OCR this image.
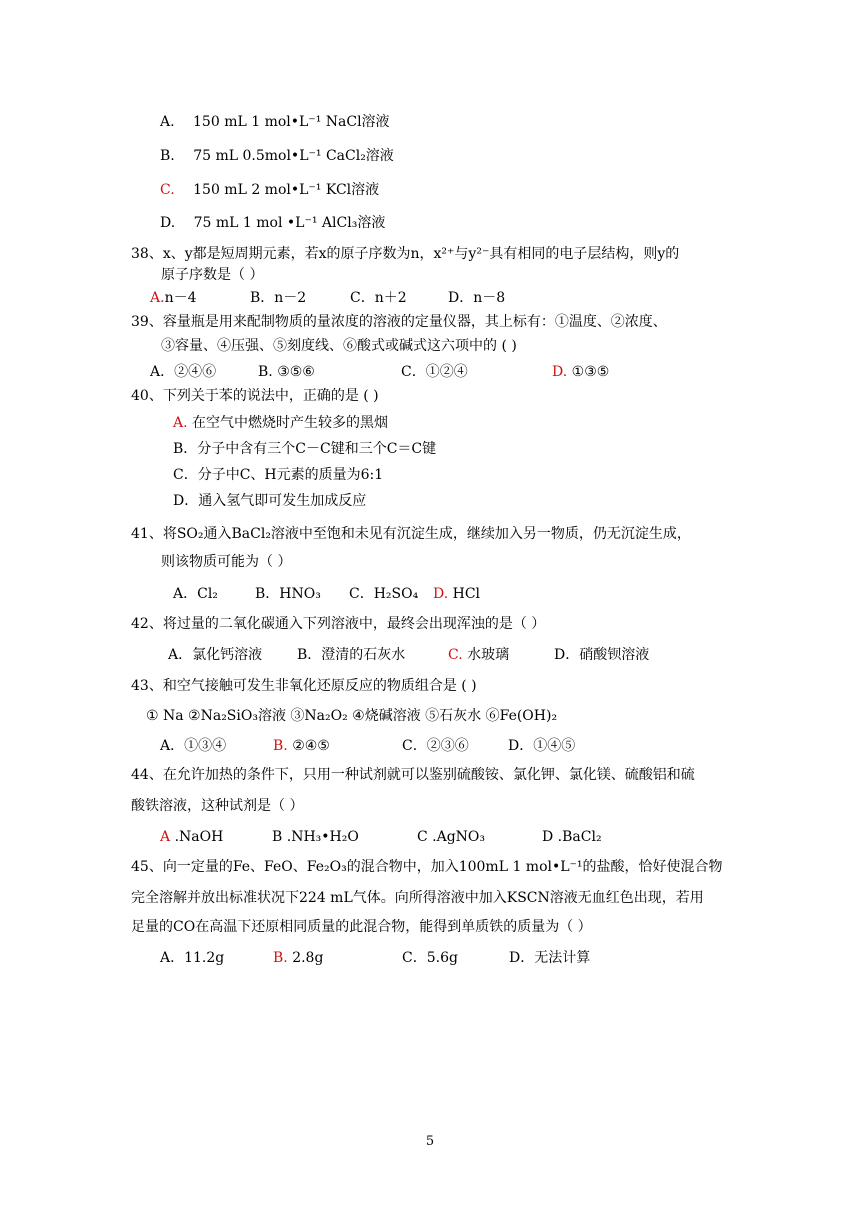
A. 150 mL 1 mol•L⁻¹ NaCl溶液
B. 75 mL 0.5mol•L⁻¹ CaCl₂溶液
C. 150 mL 2 mol•L⁻¹ KCl溶液
D. 75 mL 1 mol •L⁻¹ AlCl₃溶液
38、x、y都是短周期元素，若x的原子序数为n，x²⁺与y²⁻具有相同的电子层结构，则y的
原子序数是（ ）
A.n－4	B．n－2	C．n＋2	D．n－8
39、容量瓶是用来配制物质的量浓度的溶液的定量仪器，其上标有：①温度、②浓度、
③容量、④压强、⑤刻度线、⑥酸式或碱式这六项中的 ( )
A．②④⑥	B. ③⑤⑥	C．①②④	D. ①③⑤
40、下列关于苯的说法中，正确的是 ( )
A. 在空气中燃烧时产生较多的黑烟
B．分子中含有三个C－C键和三个C＝C键
C．分子中C、H元素的质量为6:1
D．通入氢气即可发生加成反应
41、将SO₂通入BaCl₂溶液中至饱和未见有沉淀生成，继续加入另一物质，仍无沉淀生成，
则该物质可能为（ ）
A．Cl₂	B．HNO₃ C．H₂SO₄ D. HCl
42、将过量的二氧化碳通入下列溶液中，最终会出现浑浊的是（ ）
A．氯化钙溶液 B．澄清的石灰水	C. 水玻璃	D．硝酸钡溶液
43、和空气接触可发生非氧化还原反应的物质组合是 ( )
① Na ②Na₂SiO₃溶液 ③Na₂O₂ ④烧碱溶液 ⑤石灰水 ⑥Fe(OH)₂
A．①③④	B. ②④⑤	C．②③⑥	D．①④⑤
44、在允许加热的条件下，只用一种试剂就可以鉴别硫酸铵、氯化钾、氯化镁、硫酸铝和硫
酸铁溶液，这种试剂是（ ）
A .NaOH	B .NH₃•H₂O	C .AgNO₃	D .BaCl₂
45、向一定量的Fe、FeO、Fe₂O₃的混合物中，加入100mL 1 mol•L⁻¹的盐酸，恰好使混合物
完全溶解并放出标准状况下224 mL气体。向所得溶液中加入KSCN溶液无血红色出现，若用
足量的CO在高温下还原相同质量的此混合物，能得到单质铁的质量为（ ）
A．11.2g	B. 2.8g	C．5.6g	D．无法计算
5
